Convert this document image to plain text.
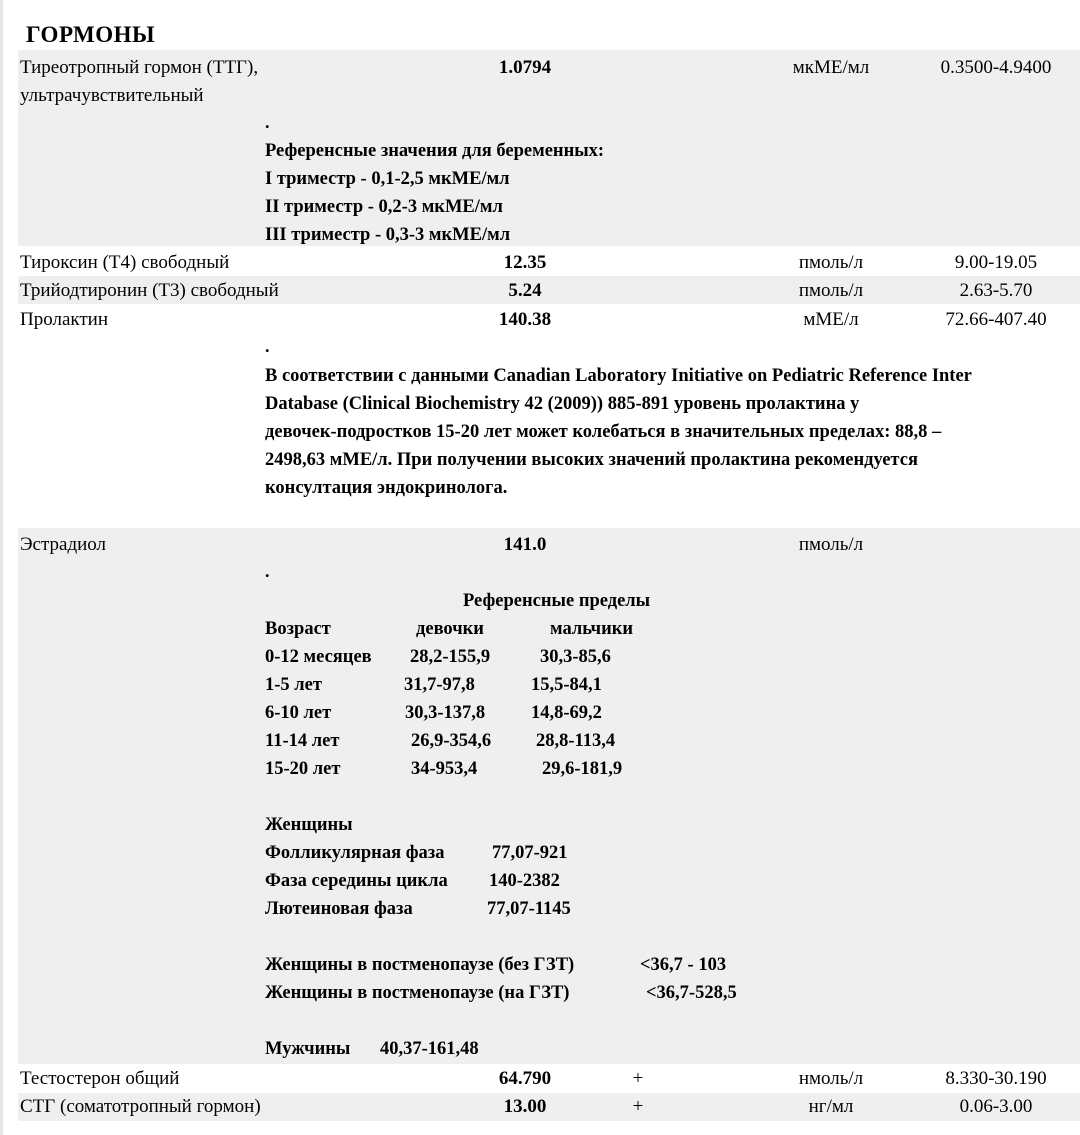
ГОРМОНЫ
Тиреотропный гормон (ТТГ),
ультрачувствительный
1.0794	мкМЕ/мл	0.3500-4.9400
.
Референсные значения для беременных:
I триместр - 0,1-2,5 мкМЕ/мл
II триместр - 0,2-3 мкМЕ/мл
III триместр - 0,3-3 мкМЕ/мл
Тироксин (Т4) свободный	12.35	пмоль/л	9.00-19.05
Трийодтиронин (Т3) свободный	5.24	пмоль/л	2.63-5.70
Пролактин	140.38	мМЕ/л	72.66-407.40
.
В соответствии с данными Canadian Laboratory Initiative on Pediatric Reference Inter
Database (Clinical Biochemistry 42 (2009)) 885-891 уровень пролактина у
девочек-подростков 15-20 лет может колебаться в значительных пределах: 88,8 –
2498,63 мМЕ/л. При получении высоких значений пролактина рекомендуется
консултация эндокринолога.
Эстрадиол	141.0	пмоль/л
.
Референсные пределы
Возраст	девочки	мальчики
0-12 месяцев 28,2-155,9	30,3-85,6
1-5 лет	31,7-97,8	15,5-84,1
6-10 лет	30,3-137,8 14,8-69,2
11-14 лет	26,9-354,6 28,8-113,4
15-20 лет	34-953,4	29,6-181,9
Женщины
Фолликулярная фаза	77,07-921
Фаза середины цикла 140-2382
Лютеиновая фаза	77,07-1145
Женщины в постменопаузе (без ГЗТ)	<36,7 - 103
Женщины в постменопаузе (на ГЗТ)	<36,7-528,5
Мужчины 40,37-161,48
Тестостерон общий	64.790	+	нмоль/л	8.330-30.190
СТГ (соматотропный гормон)	13.00	+	нг/мл	0.06-3.00
